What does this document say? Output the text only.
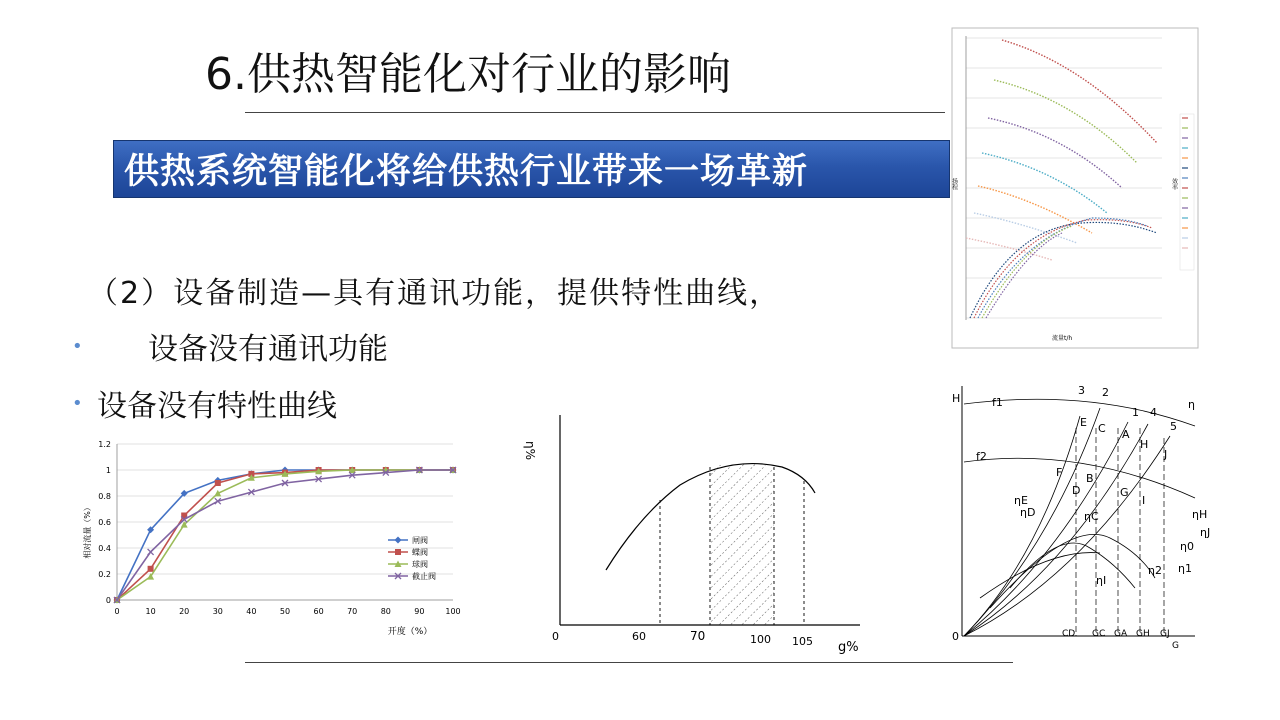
6.供热智能化对行业的影响
供热系统智能化将给供热行业带来一场革新
流量t/h
扬程	效率
（2）设备制造—具有通讯功能，提供特性曲线，
• 设备没有通讯功能
• 设备没有特性曲线
0
0.2
0.4
0.6
0.8
1
1.2
0	10	20	30	40	50	60	70	80	90	100
闸阀
蝶阀
球阀
截止阀
开度（%）
相对流量（%）
η%
0	60	70	100 105 g%
H	η
f1
f2
3 2
1 4
5
E C A
H
J
F B
D	G
I
ηE
ηD	ηC	ηH
ηJ
η0
η1
η2
ηI
0	CD GC GA GH GJ
G
